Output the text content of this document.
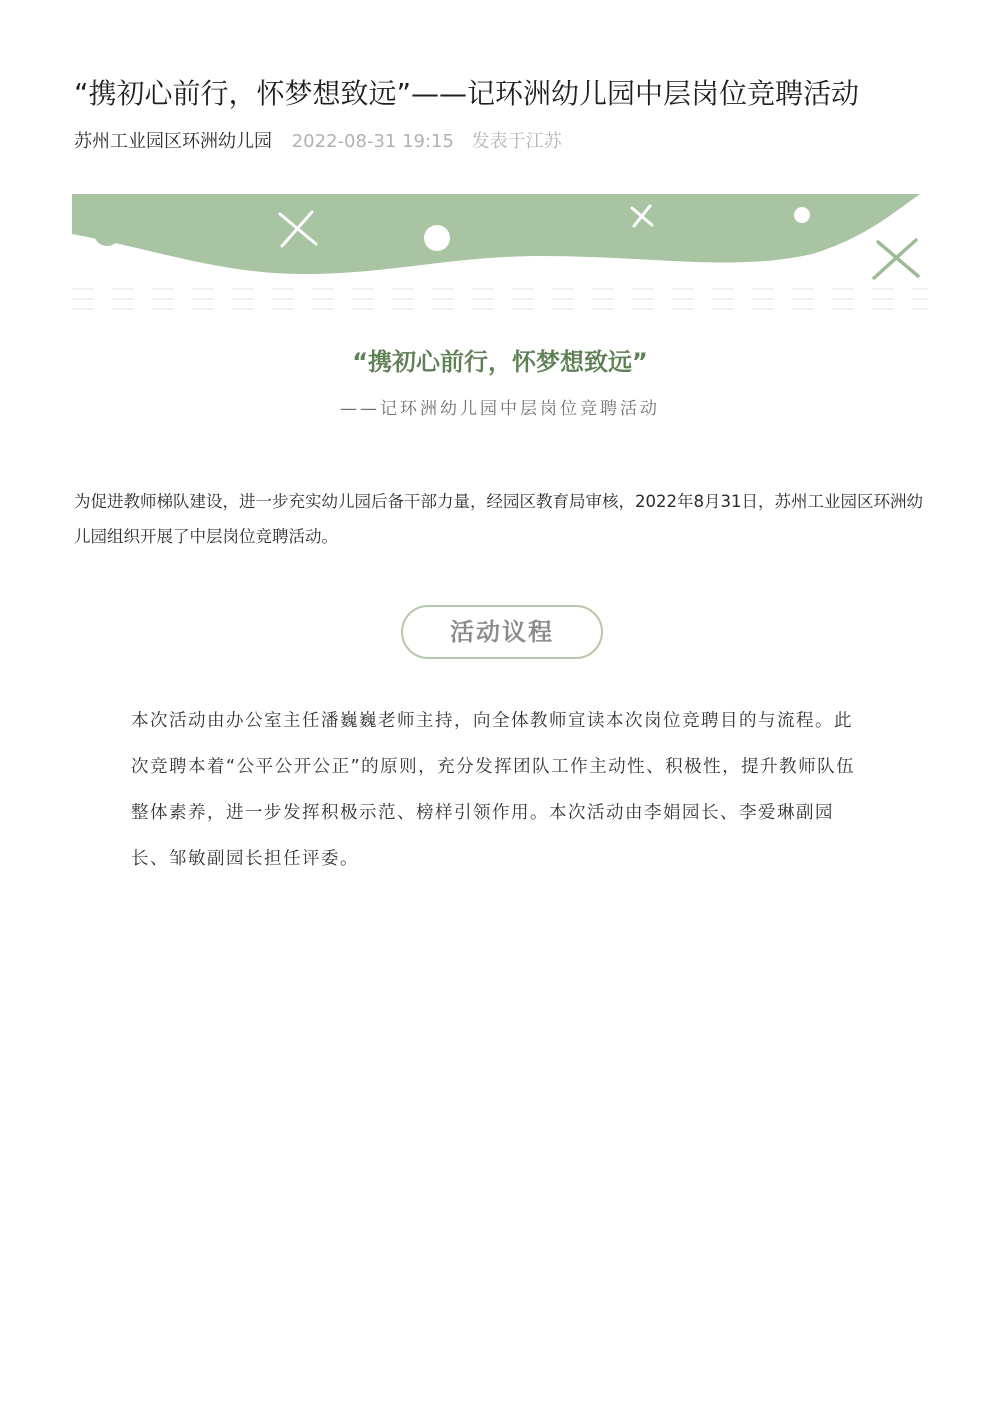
“携初心前行，怀梦想致远”——记环洲幼儿园中层岗位竞聘活动
苏州工业园区环洲幼儿园 2022-08-31 19:15 发表于江苏
“携初心前行，怀梦想致远”
——记环洲幼儿园中层岗位竞聘活动

为促进教师梯队建设，进一步充实幼儿园后备干部力量，经园区教育局审核，2022年8月31日，苏州工业园区环洲幼儿园组织开展了中层岗位竞聘活动。

活动议程

本次活动由办公室主任潘巍巍老师主持，向全体教师宣读本次岗位竞聘目的与流程。此次竞聘本着“公平公开公正”的原则，充分发挥团队工作主动性、积极性，提升教师队伍整体素养，进一步发挥积极示范、榜样引领作用。本次活动由李娟园长、李爱琳副园长、邹敏副园长担任评委。
